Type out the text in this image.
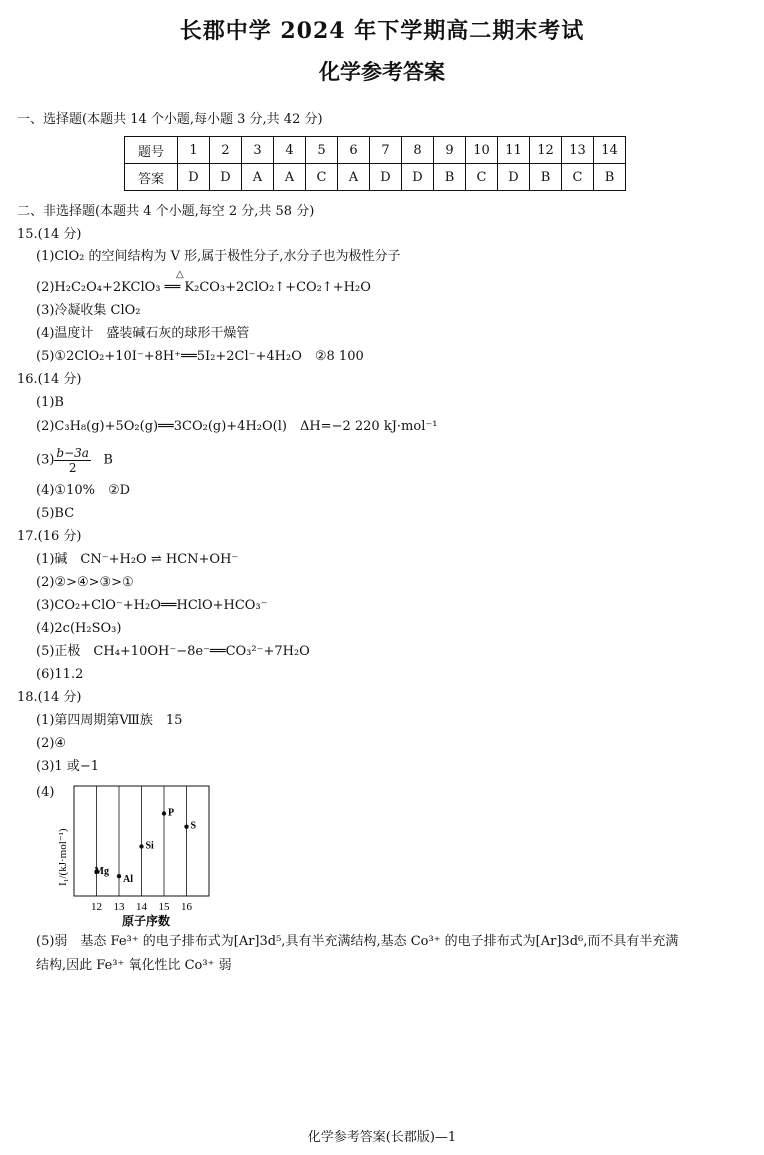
长郡中学 2024 年下学期高二期末考试
化学参考答案
一、选择题(本题共 14 个小题,每小题 3 分,共 42 分)
题号	1	2	3	4	5	6	7	8	9	10	11	12	13	14
答案	D	D	A	A	C	A	D	D	B	C	D	B	C	B
二、非选择题(本题共 4 个小题,每空 2 分,共 58 分)
15.(14 分)
(1)ClO₂ 的空间结构为 V 形,属于极性分子,水分子也为极性分子
△
(2)H₂C₂O₄+2KClO₃ ══ K₂CO₃+2ClO₂↑+CO₂↑+H₂O
(3)冷凝收集 ClO₂
(4)温度计　盛装碱石灰的球形干燥管
(5)①2ClO₂+10I⁻+8H⁺══5I₂+2Cl⁻+4H₂O　②8 100
16.(14 分)
(1)B
(2)C₃H₈(g)+5O₂(g)══3CO₂(g)+4H₂O(l)　ΔH=−2 220 kJ·mol⁻¹
$(3) \frac{b-3a}{2}$ B
(4)①10%　②D
(5)BC
17.(16 分)
(1)碱　CN⁻+H₂O ⇌ HCN+OH⁻
(2)②>④>③>①
(3)CO₂+ClO⁻+H₂O══HClO+HCO₃⁻
(4)2c(H₂SO₃)
(5)正极　CH₄+10OH⁻−8e⁻══CO₃²⁻+7H₂O
(6)11.2
18.(14 分)
(1)第四周期第Ⅷ族　15
(2)④
(3)1 或−1
(4)
I₁/(kJ·mol⁻¹)
12 13 14 15 16
原子序数
Mg
Al
Si
P
S
(5)弱　基态 Fe³⁺ 的电子排布式为[Ar]3d⁵,具有半充满结构,基态 Co³⁺ 的电子排布式为[Ar]3d⁶,而不具有半充满
结构,因此 Fe³⁺ 氧化性比 Co³⁺ 弱
化学参考答案(长郡版)—1
